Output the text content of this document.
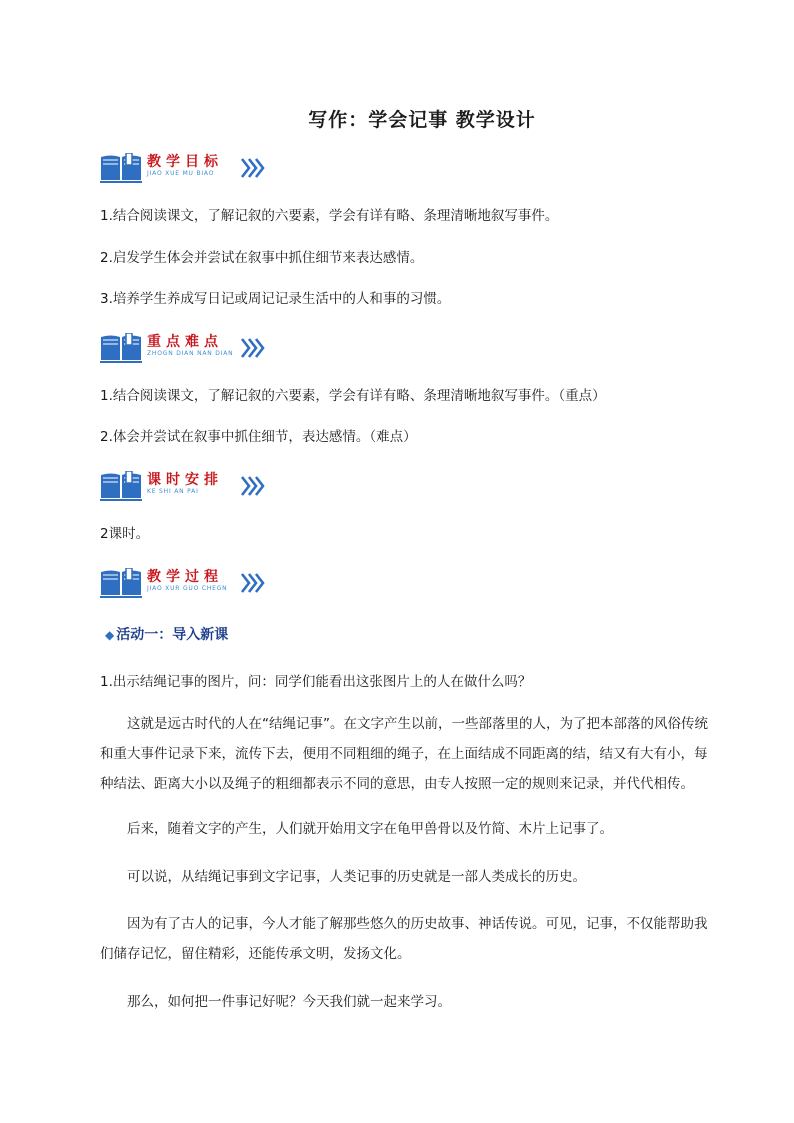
写作：学会记事 教学设计
教学目标
JIAO XUE MU BIAO

1.结合阅读课文，了解记叙的六要素，学会有详有略、条理清晰地叙写事件。

2.启发学生体会并尝试在叙事中抓住细节来表达感情。

3.培养学生养成写日记或周记记录生活中的人和事的习惯。

重点难点
ZHOGN DIAN NAN DIAN

1.结合阅读课文，了解记叙的六要素，学会有详有略、条理清晰地叙写事件。（重点）

2.体会并尝试在叙事中抓住细节，表达感情。（难点）

课时安排
KE SHI AN PAI

2课时。

教学过程
JIAO XUR GUO CHEGN
◆ 活动一：导入新课

1.出示结绳记事的图片，问：同学们能看出这张图片上的人在做什么吗？

这就是远古时代的人在“结绳记事”。在文字产生以前，一些部落里的人，为了把本部落的风俗传统和重大事件记录下来，流传下去，便用不同粗细的绳子，在上面结成不同距离的结，结又有大有小，每种结法、距离大小以及绳子的粗细都表示不同的意思，由专人按照一定的规则来记录，并代代相传。

后来，随着文字的产生，人们就开始用文字在龟甲兽骨以及竹简、木片上记事了。

可以说，从结绳记事到文字记事，人类记事的历史就是一部人类成长的历史。

因为有了古人的记事，今人才能了解那些悠久的历史故事、神话传说。可见，记事，不仅能帮助我们储存记忆，留住精彩，还能传承文明，发扬文化。

那么，如何把一件事记好呢？今天我们就一起来学习。
